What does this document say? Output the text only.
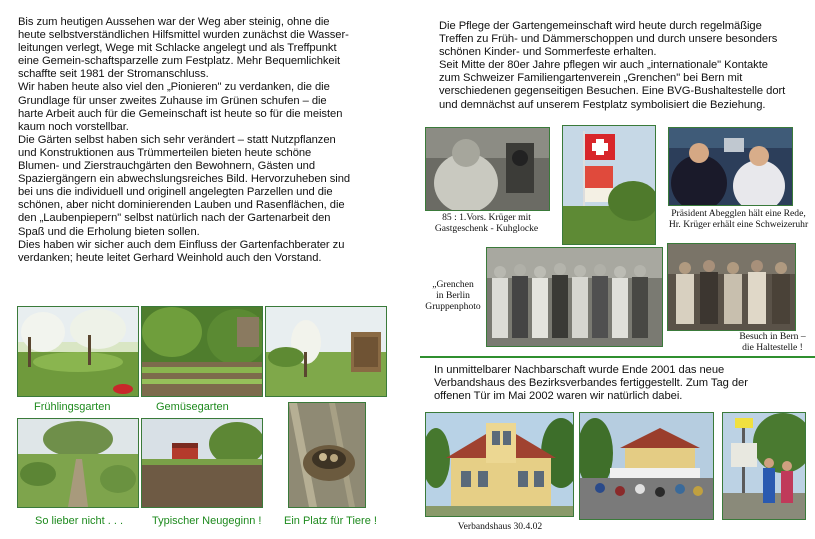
Bis zum heutigen Aussehen war der Weg aber steinig, ohne die
heute selbstverständlichen Hilfsmittel wurden zunächst die Wasser-
leitungen verlegt, Wege mit Schlacke angelegt und als Treffpunkt
eine Gemein-schaftsparzelle zum Festplatz. Mehr Bequemlichkeit
schaffte seit 1981 der Stromanschluss.
Wir haben heute also viel den „Pionieren" zu verdanken, die die
Grundlage für unser zweites Zuhause im Grünen schufen – die
harte Arbeit auch für die Gemeinschaft ist heute so für die meisten
kaum noch vorstellbar.
Die Gärten selbst haben sich sehr verändert – statt Nutzpflanzen
und Konstruktionen aus Trümmerteilen bieten heute schöne
Blumen- und Zierstrauchgärten den Bewohnern, Gästen und
Spaziergängern ein abwechslungsreiches Bild. Hervorzuheben sind
bei uns die individuell und originell angelegten Parzellen und die
schönen, aber nicht dominierenden Lauben und Rasenflächen, die
den „Laubenpiepern" selbst natürlich nach der Gartenarbeit den
Spaß und die Erholung bieten sollen.
Dies haben wir sicher auch dem Einfluss der Gartenfachberater zu
verdanken; heute leitet Gerhard Weinhold auch den Vorstand.
Frühlingsgarten	Gemüsegarten
So lieber nicht . . .	Typischer Neugeginn ! Ein Platz für Tiere !
Die Pflege der Gartengemeinschaft wird heute durch regelmäßige
Treffen zu Früh- und Dämmerschoppen und durch unsere besonders
schönen Kinder- und Sommerfeste erhalten.
Seit Mitte der 80er Jahre pflegen wir auch „internationale" Kontakte
zum Schweizer Familiengartenverein „Grenchen" bei Bern mit
verschiedenen gegenseitigen Besuchen. Eine BVG-Bushaltestelle dort
und demnächst auf unserem Festplatz symbolisiert die Beziehung.
85 : 1.Vors. Krüger mit
Gastgeschenk - Kuhglocke
Präsident Abegglen hält eine Rede,
Hr. Krüger erhält eine Schweizeruhr
„Grenchen
in Berlin
Gruppenphoto
Besuch in Bern –
die Haltestelle !
In unmittelbarer Nachbarschaft wurde Ende 2001 das neue
Verbandshaus des Bezirksverbandes fertiggestellt. Zum Tag der
offenen Tür im Mai 2002 waren wir natürlich dabei.
Verbandshaus 30.4.02
